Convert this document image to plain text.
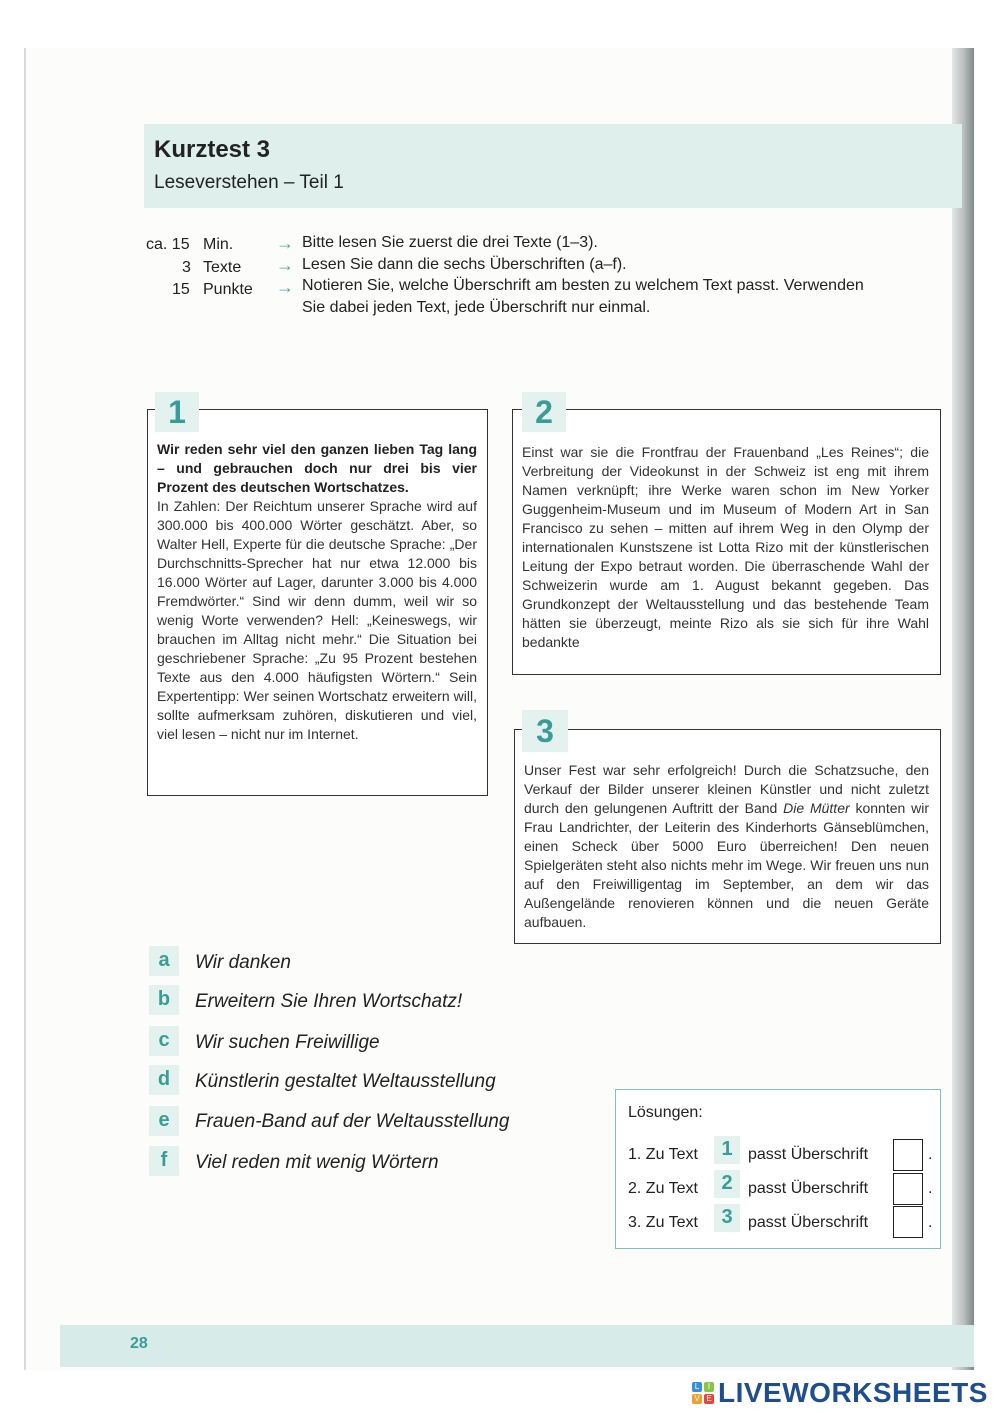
Kurztest 3
Leseverstehen – Teil 1
ca. 15 Min. → Bitte lesen Sie zuerst die drei Texte (1–3).
3 Texte → Lesen Sie dann die sechs Überschriften (a–f).
15 Punkte → Notieren Sie, welche Überschrift am besten zu welchem Text passt. Verwenden
Sie dabei jeden Text, jede Überschrift nur einmal.
1
Wir reden sehr viel den ganzen lieben Tag lang – und gebrauchen doch nur drei bis vier Prozent des deutschen Wortschatzes.
In Zahlen: Der Reichtum unserer Sprache wird auf 300.000 bis 400.000 Wörter geschätzt. Aber, so Walter Hell, Experte für die deutsche Sprache: „Der Durchschnitts-Sprecher hat nur etwa 12.000 bis 16.000 Wörter auf Lager, darunter 3.000 bis 4.000 Fremdwörter.“ Sind wir denn dumm, weil wir so wenig Worte verwenden? Hell: „Keineswegs, wir brauchen im Alltag nicht mehr.“ Die Situation bei geschriebener Sprache: „Zu 95 Prozent bestehen Texte aus den 4.000 häufigsten Wörtern.“ Sein Expertentipp: Wer seinen Wortschatz erweitern will, sollte aufmerksam zuhören, diskutieren und viel, viel lesen – nicht nur im Internet.
2
Einst war sie die Frontfrau der Frauenband „Les Reines“; die Verbreitung der Videokunst in der Schweiz ist eng mit ihrem Namen verknüpft; ihre Werke waren schon im New Yorker Guggenheim-Museum und im Museum of Modern Art in San Francisco zu sehen – mitten auf ihrem Weg in den Olymp der internationalen Kunstszene ist Lotta Rizo mit der künstlerischen Leitung der Expo betraut worden. Die überraschende Wahl der Schweizerin wurde am 1. August bekannt gegeben. Das Grundkonzept der Weltausstellung und das bestehende Team hätten sie überzeugt, meinte Rizo als sie sich für ihre Wahl bedankte
3
Unser Fest war sehr erfolgreich! Durch die Schatzsuche, den Verkauf der Bilder unserer kleinen Künstler und nicht zuletzt durch den gelungenen Auftritt der Band Die Mütter konnten wir Frau Landrichter, der Leiterin des Kinderhorts Gänseblümchen, einen Scheck über 5000 Euro überreichen! Den neuen Spielgeräten steht also nichts mehr im Wege. Wir freuen uns nun auf den Freiwilligentag im September, an dem wir das Außengelände renovieren können und die neuen Geräte aufbauen.
a	Wir danken
b	Erweitern Sie Ihren Wortschatz!
c	Wir suchen Freiwillige
d	Künstlerin gestaltet Weltausstellung
e	Frauen-Band auf der Weltausstellung
f	Viel reden mit wenig Wörtern
Lösungen:
1. Zu Text	1 passt Überschrift	.
2. Zu Text	2 passt Überschrift	.
3. Zu Text	3 passt Überschrift	.
28
L	I
V E LIVEWORKSHEETS
